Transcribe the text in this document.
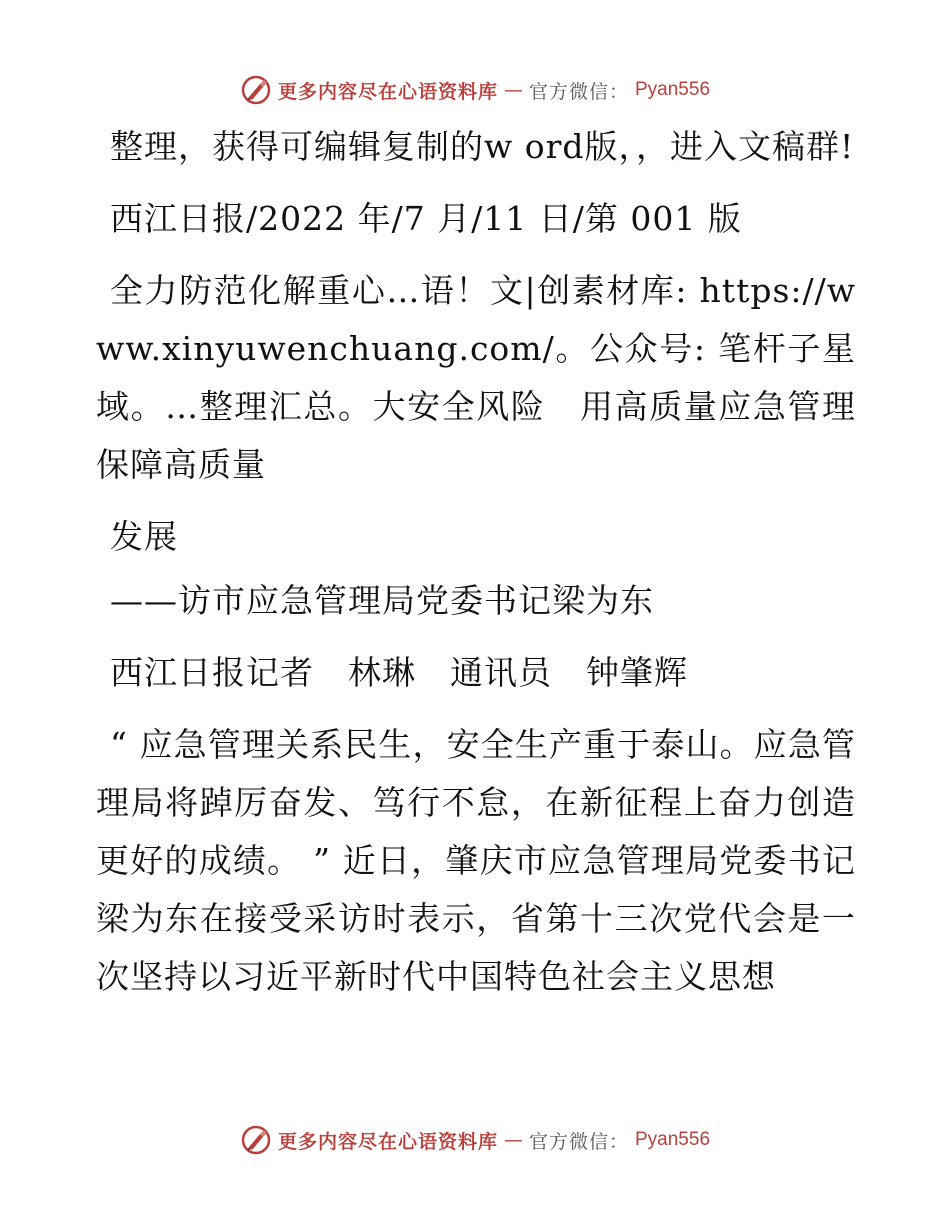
更多内容尽在心语资料库 — 官方微信： Pyan556

整理，获得可编辑复制的w ord版，，进入文稿群!

西江日报/2022 年/7 月/11 日/第 001 版

全力防范化解重心…语！文|创素材库: https://www.xinyuwenchuang.com/。公众号: 笔杆子星域。…整理汇总。大安全风险　用高质量应急管理保障高质量

发展

——访市应急管理局党委书记梁为东

西江日报记者　林琳　通讯员　钟肇辉

“ 应急管理关系民生，安全生产重于泰山。应急管理局将踔厉奋发、笃行不怠，在新征程上奋力创造更好的成绩。 ” 近日，肇庆市应急管理局党委书记梁为东在接受采访时表示，省第十三次党代会是一次坚持以习近平新时代中国特色社会主义思想

更多内容尽在心语资料库 — 官方微信： Pyan556
